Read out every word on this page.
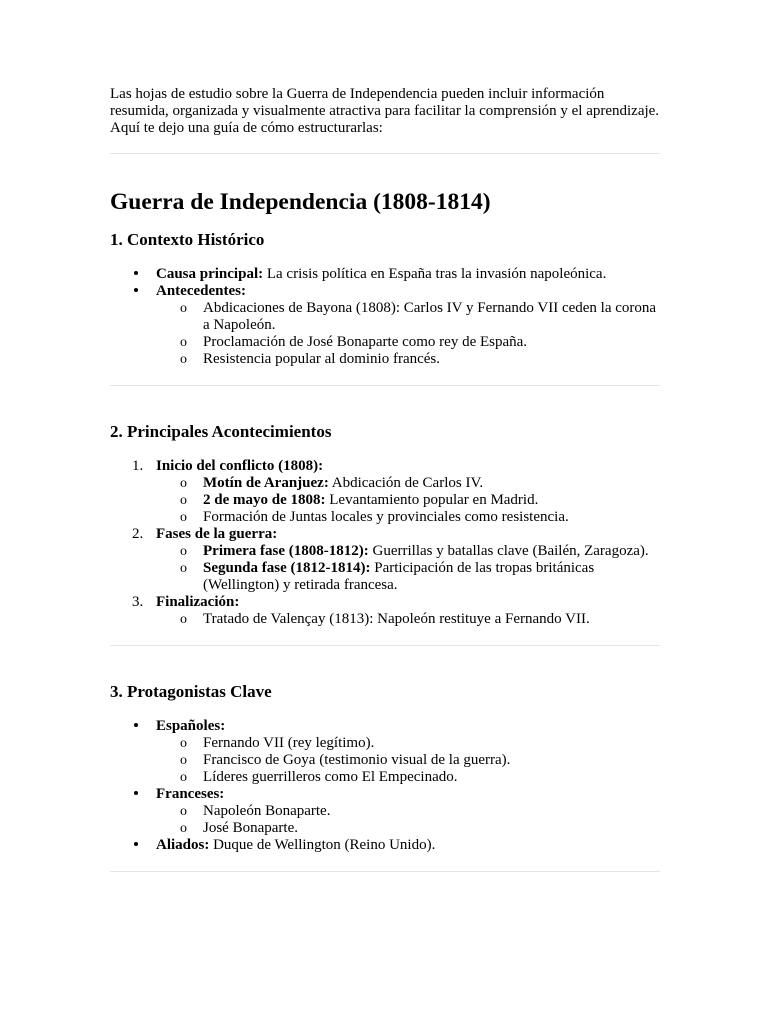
Las hojas de estudio sobre la Guerra de Independencia pueden incluir información resumida, organizada y visualmente atractiva para facilitar la comprensión y el aprendizaje. Aquí te dejo una guía de cómo estructurarlas:

Guerra de Independencia (1808-1814)
1. Contexto Histórico
Causa principal: La crisis política en España tras la invasión napoleónica.
Antecedentes:
o Abdicaciones de Bayona (1808): Carlos IV y Fernando VII ceden la corona a Napoleón.
o Proclamación de José Bonaparte como rey de España.
o Resistencia popular al dominio francés.
2. Principales Acontecimientos
1. Inicio del conflicto (1808):
o Motín de Aranjuez: Abdicación de Carlos IV.
o 2 de mayo de 1808: Levantamiento popular en Madrid.
o Formación de Juntas locales y provinciales como resistencia.
2. Fases de la guerra:
o Primera fase (1808-1812): Guerrillas y batallas clave (Bailén, Zaragoza).
o Segunda fase (1812-1814): Participación de las tropas británicas (Wellington) y retirada francesa.
3. Finalización:
o Tratado de Valençay (1813): Napoleón restituye a Fernando VII.
3. Protagonistas Clave
Españoles:
o Fernando VII (rey legítimo).
o Francisco de Goya (testimonio visual de la guerra).
o Líderes guerrilleros como El Empecinado.
Franceses:
o Napoleón Bonaparte.
o José Bonaparte.
Aliados: Duque de Wellington (Reino Unido).
